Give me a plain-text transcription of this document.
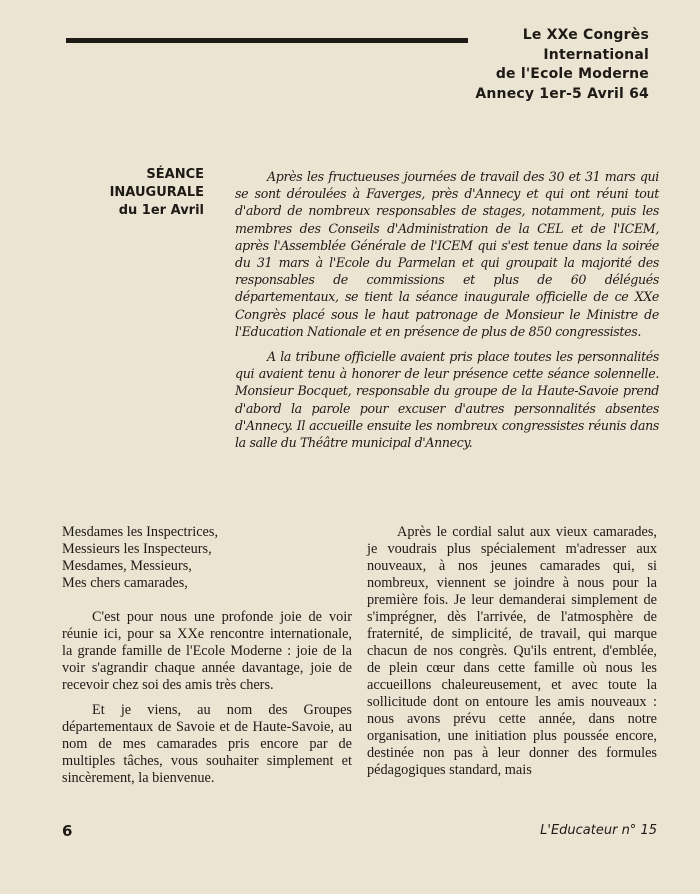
Le XXe Congrès
International
de l'Ecole Moderne
Annecy 1er-5 Avril 64
SÉANCE
INAUGURALE
du 1er Avril

Après les fructueuses journées de travail des 30 et 31 mars qui se sont déroulées à Faverges, près d'Annecy et qui ont réuni tout d'abord de nombreux responsables de stages, notamment, puis les membres des Conseils d'Administration de la CEL et de l'ICEM, après l'Assemblée Générale de l'ICEM qui s'est tenue dans la soirée du 31 mars à l'Ecole du Parmelan et qui groupait la majorité des responsables de commissions et plus de 60 délégués départementaux, se tient la séance inaugurale officielle de ce XXe Congrès placé sous le haut patronage de Monsieur le Ministre de l'Education Nationale et en présence de plus de 850 congressistes.

A la tribune officielle avaient pris place toutes les personnalités qui avaient tenu à honorer de leur présence cette séance solennelle. Monsieur Bocquet, responsable du groupe de la Haute-Savoie prend d'abord la parole pour excuser d'autres personnalités absentes d'Annecy. Il accueille ensuite les nombreux congressistes réunis dans la salle du Théâtre municipal d'Annecy.

Mesdames les Inspectrices,
Messieurs les Inspecteurs,
Mesdames, Messieurs,
Mes chers camarades,

C'est pour nous une profonde joie de voir réunie ici, pour sa XXe rencontre internationale, la grande famille de l'Ecole Moderne : joie de la voir s'agrandir chaque année davantage, joie de recevoir chez soi des amis très chers.

Et je viens, au nom des Groupes départementaux de Savoie et de Haute-Savoie, au nom de mes camarades pris encore par de multiples tâches, vous souhaiter simplement et sincèrement, la bienvenue.

Après le cordial salut aux vieux camarades, je voudrais plus spécialement m'adresser aux nouveaux, à nos jeunes camarades qui, si nombreux, viennent se joindre à nous pour la première fois. Je leur demanderai simplement de s'imprégner, dès l'arrivée, de l'atmosphère de fraternité, de simplicité, de travail, qui marque chacun de nos congrès. Qu'ils entrent, d'emblée, de plein cœur dans cette famille où nous les accueillons chaleureusement, et avec toute la sollicitude dont on entoure les amis nouveaux : nous avons prévu cette année, dans notre organisation, une initiation plus poussée encore, destinée non pas à leur donner des formules pédagogiques standard, mais

6	L'Educateur n° 15
